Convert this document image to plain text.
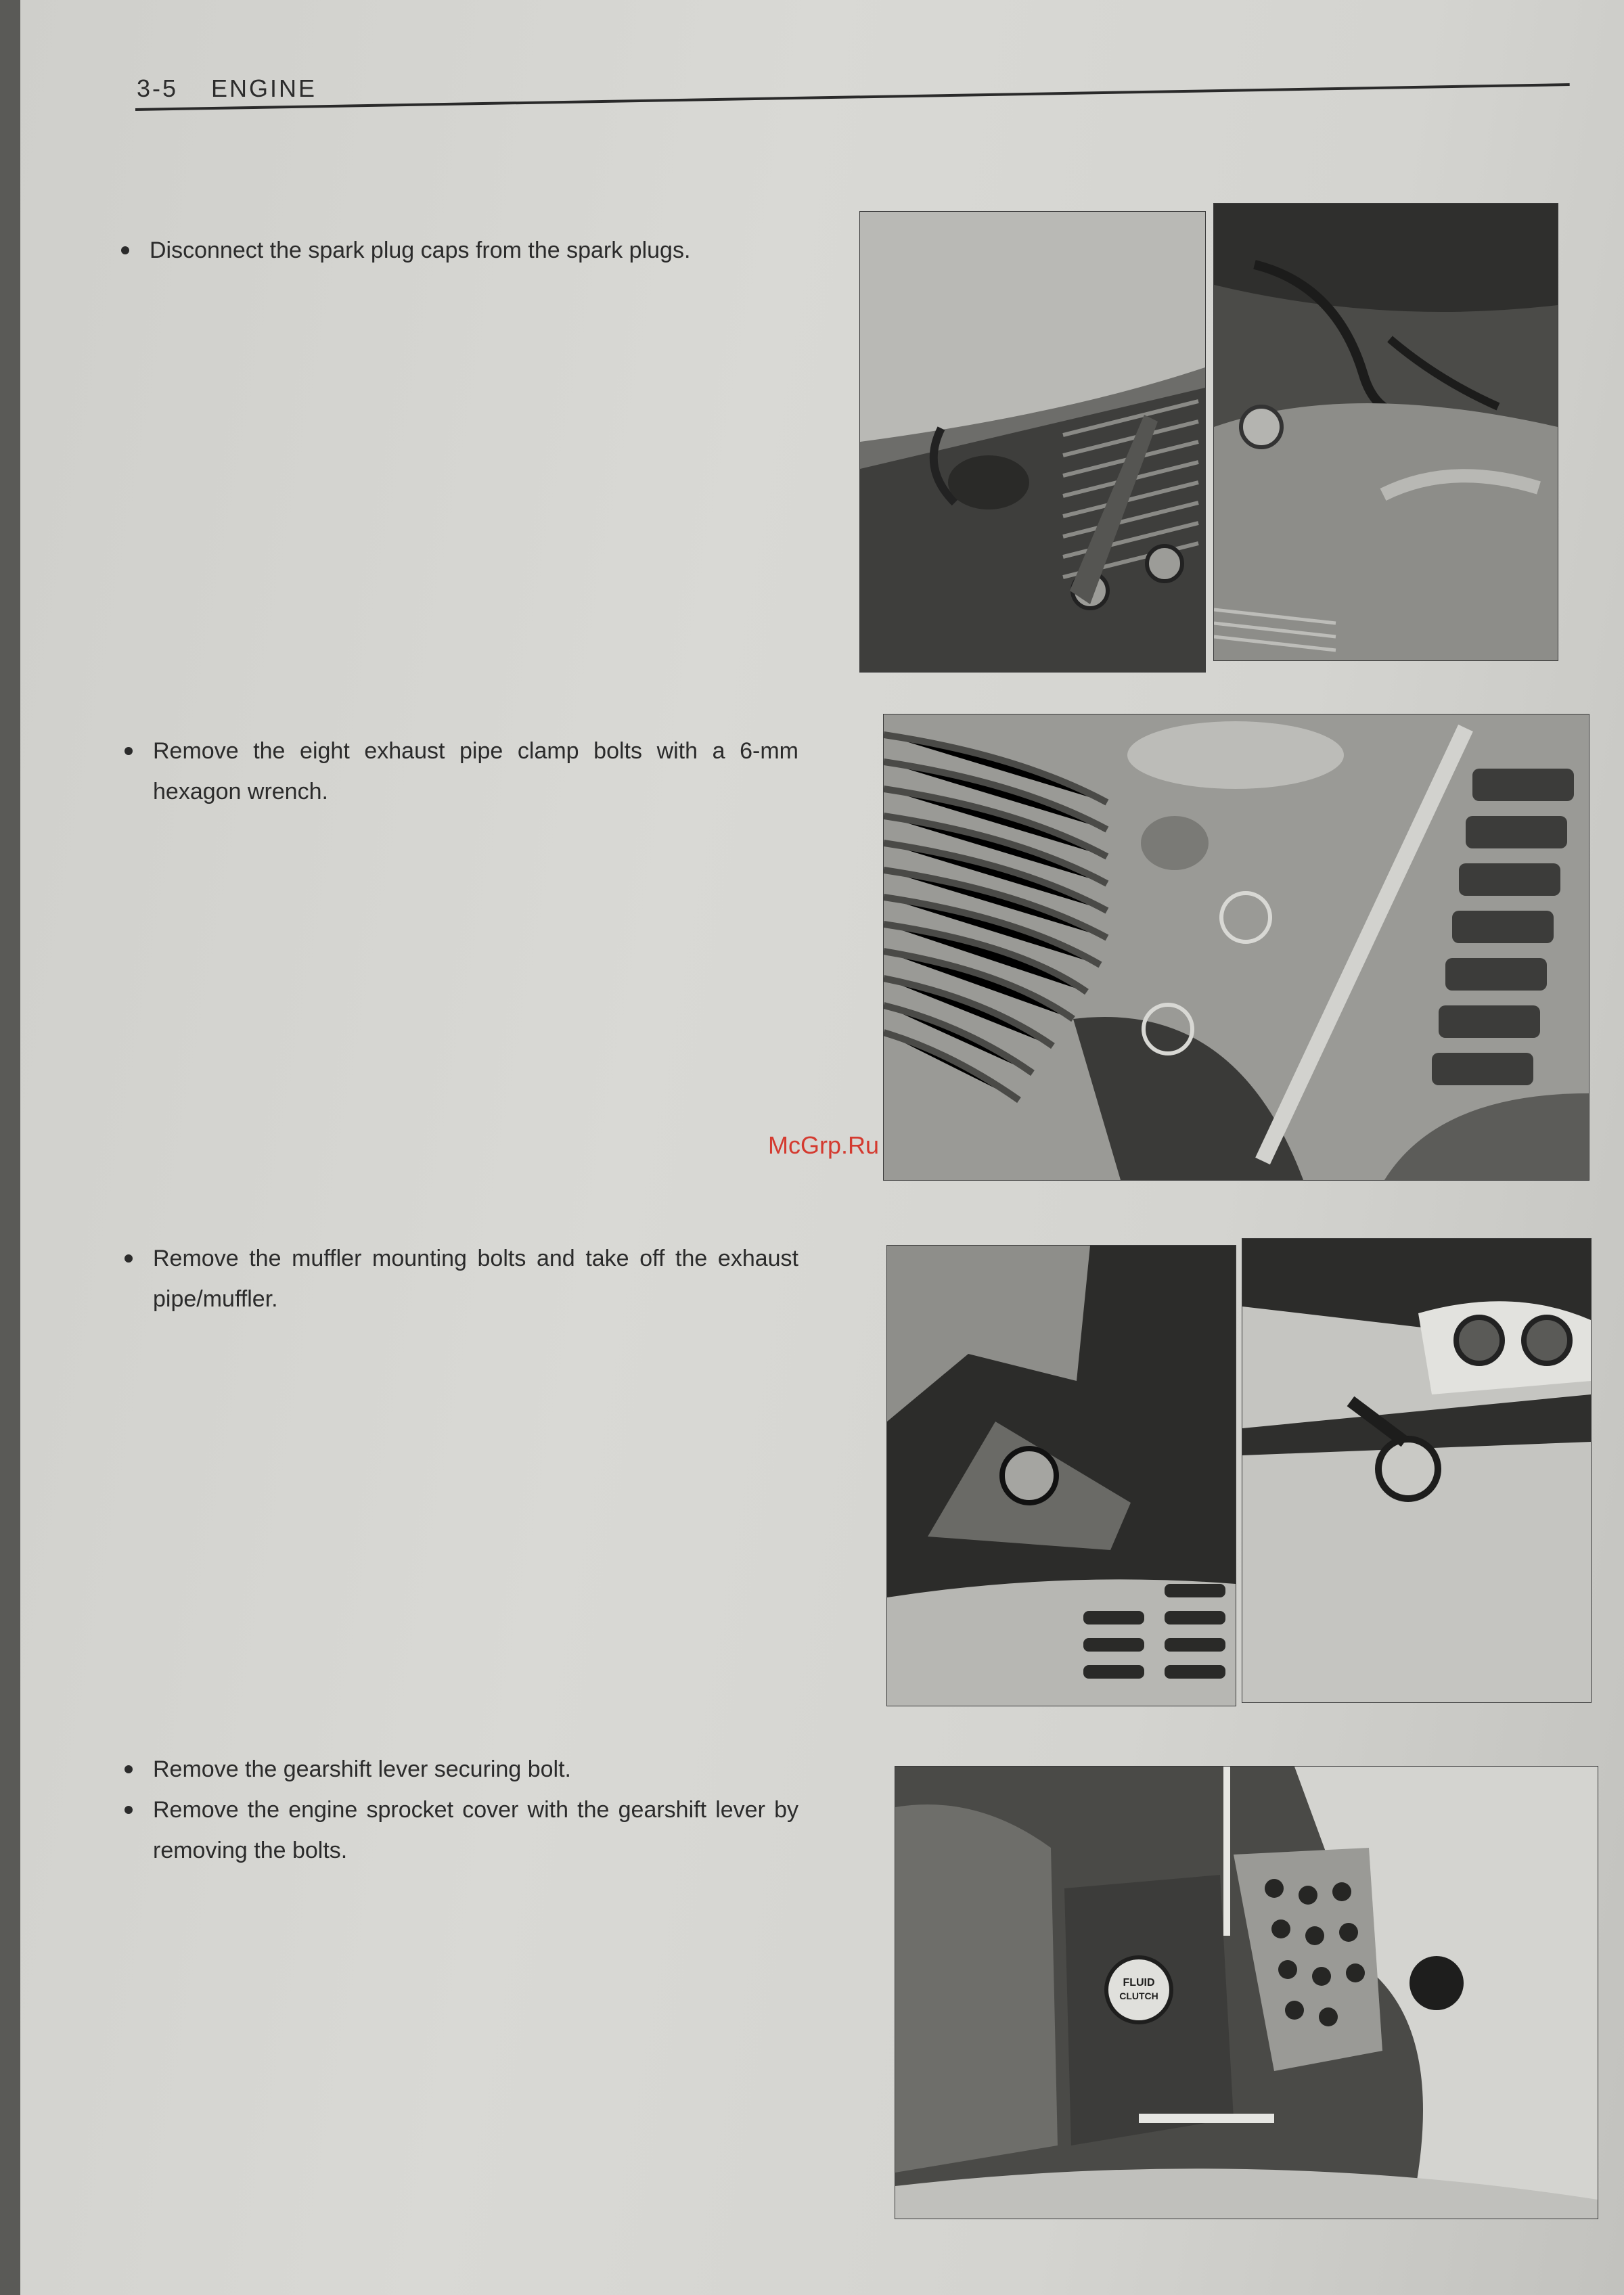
3-5 ENGINE
Disconnect the spark plug caps from the spark plugs.
Remove the eight exhaust pipe clamp bolts with a 6-mm hexagon wrench.
Remove the muffler mounting bolts and take off the exhaust pipe/muffler.
Remove the gearshift lever securing bolt.
Remove the engine sprocket cover with the gearshift lever by removing the bolts.
FLUID
CLUTCH
McGrp.Ru
